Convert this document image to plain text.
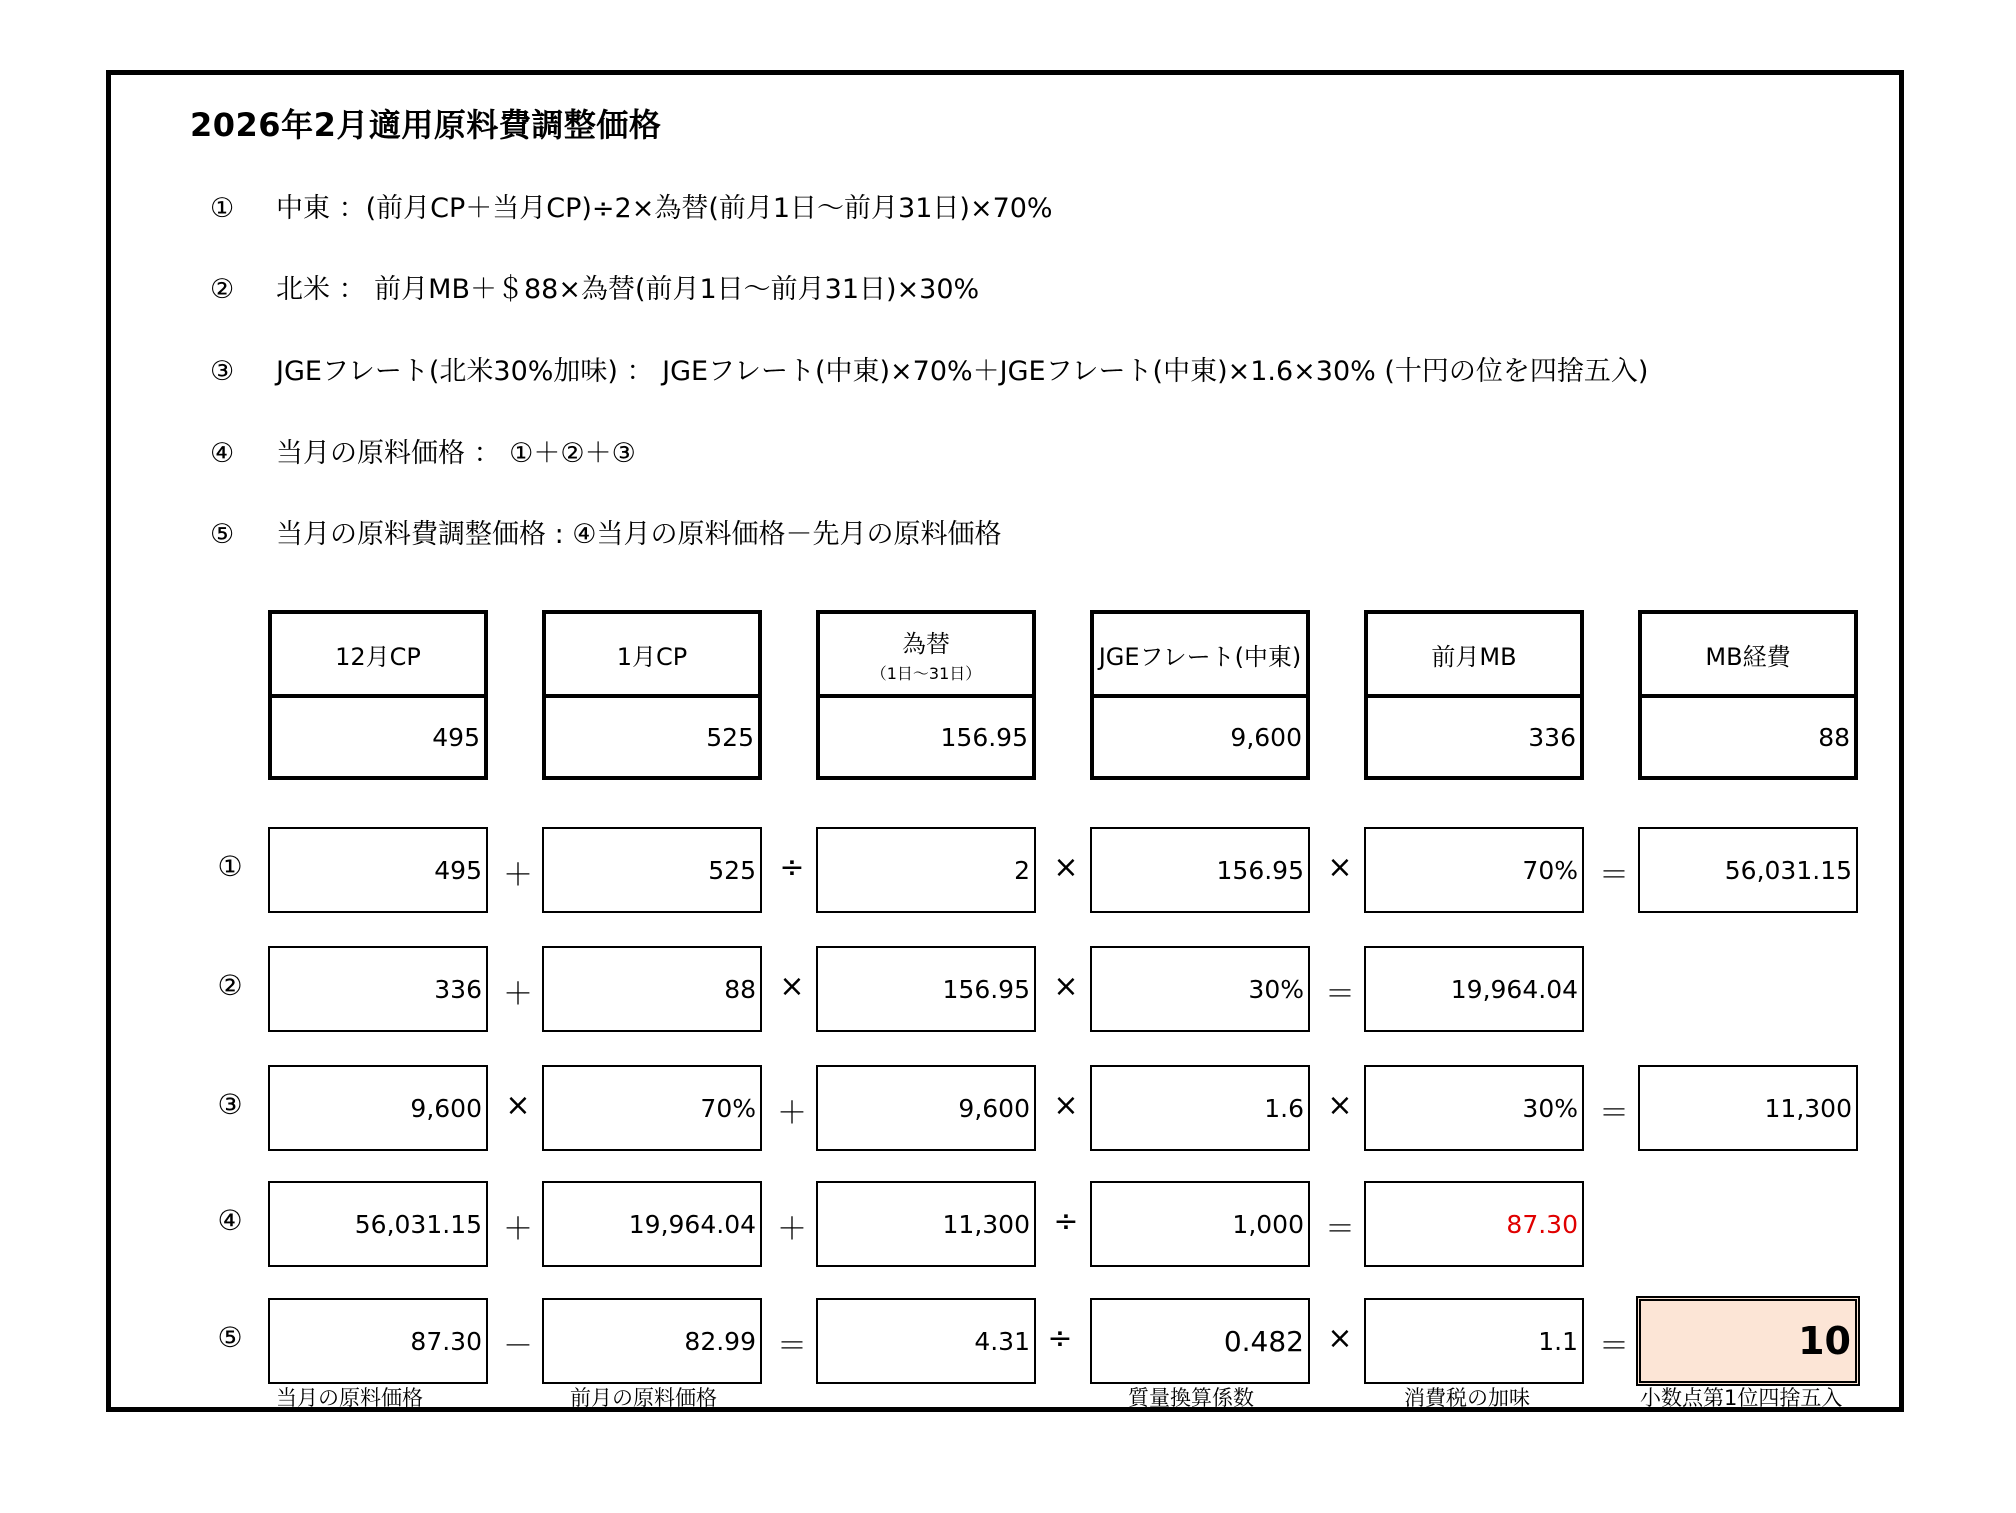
2026年2月適用原料費調整価格
① 中東 ：(前月CP＋当月CP)÷2×為替(前月1日～前月31日)×70%
② 北米 ： 前月MB＋＄88×為替(前月1日～前月31日)×30%
③ JGEフレート(北米30%加味) ： JGEフレート(中東)×70%＋JGEフレート(中東)×1.6×30% (十円の位を四捨五入)
④ 当月の原料価格 ： ①＋②＋③
⑤ 当月の原料費調整価格 : ④当月の原料価格－先月の原料価格
12月CP
495
1月CP
525
為替
（1日～31日）
156.95
JGEフレート(中東)
9,600
前月MB
336
MB経費
88
①	495 ＋	525 ÷	2 ×	156.95 ×	70% ＝	56,031.15
②	336 ＋	88 ×	156.95 ×	30% ＝	19,964.04
③	9,600 ×	70% ＋	9,600 ×	1.6 ×	30% ＝	11,300
④	56,031.15 ＋	19,964.04 ＋	11,300 ÷	1,000 ＝	87.30
⑤	87.30 －	82.99 ＝	4.31 ÷	0.482 ×	1.1 ＝	10
当月の原料価格	前月の原料価格	質量換算係数	消費税の加味	小数点第1位四捨五入
